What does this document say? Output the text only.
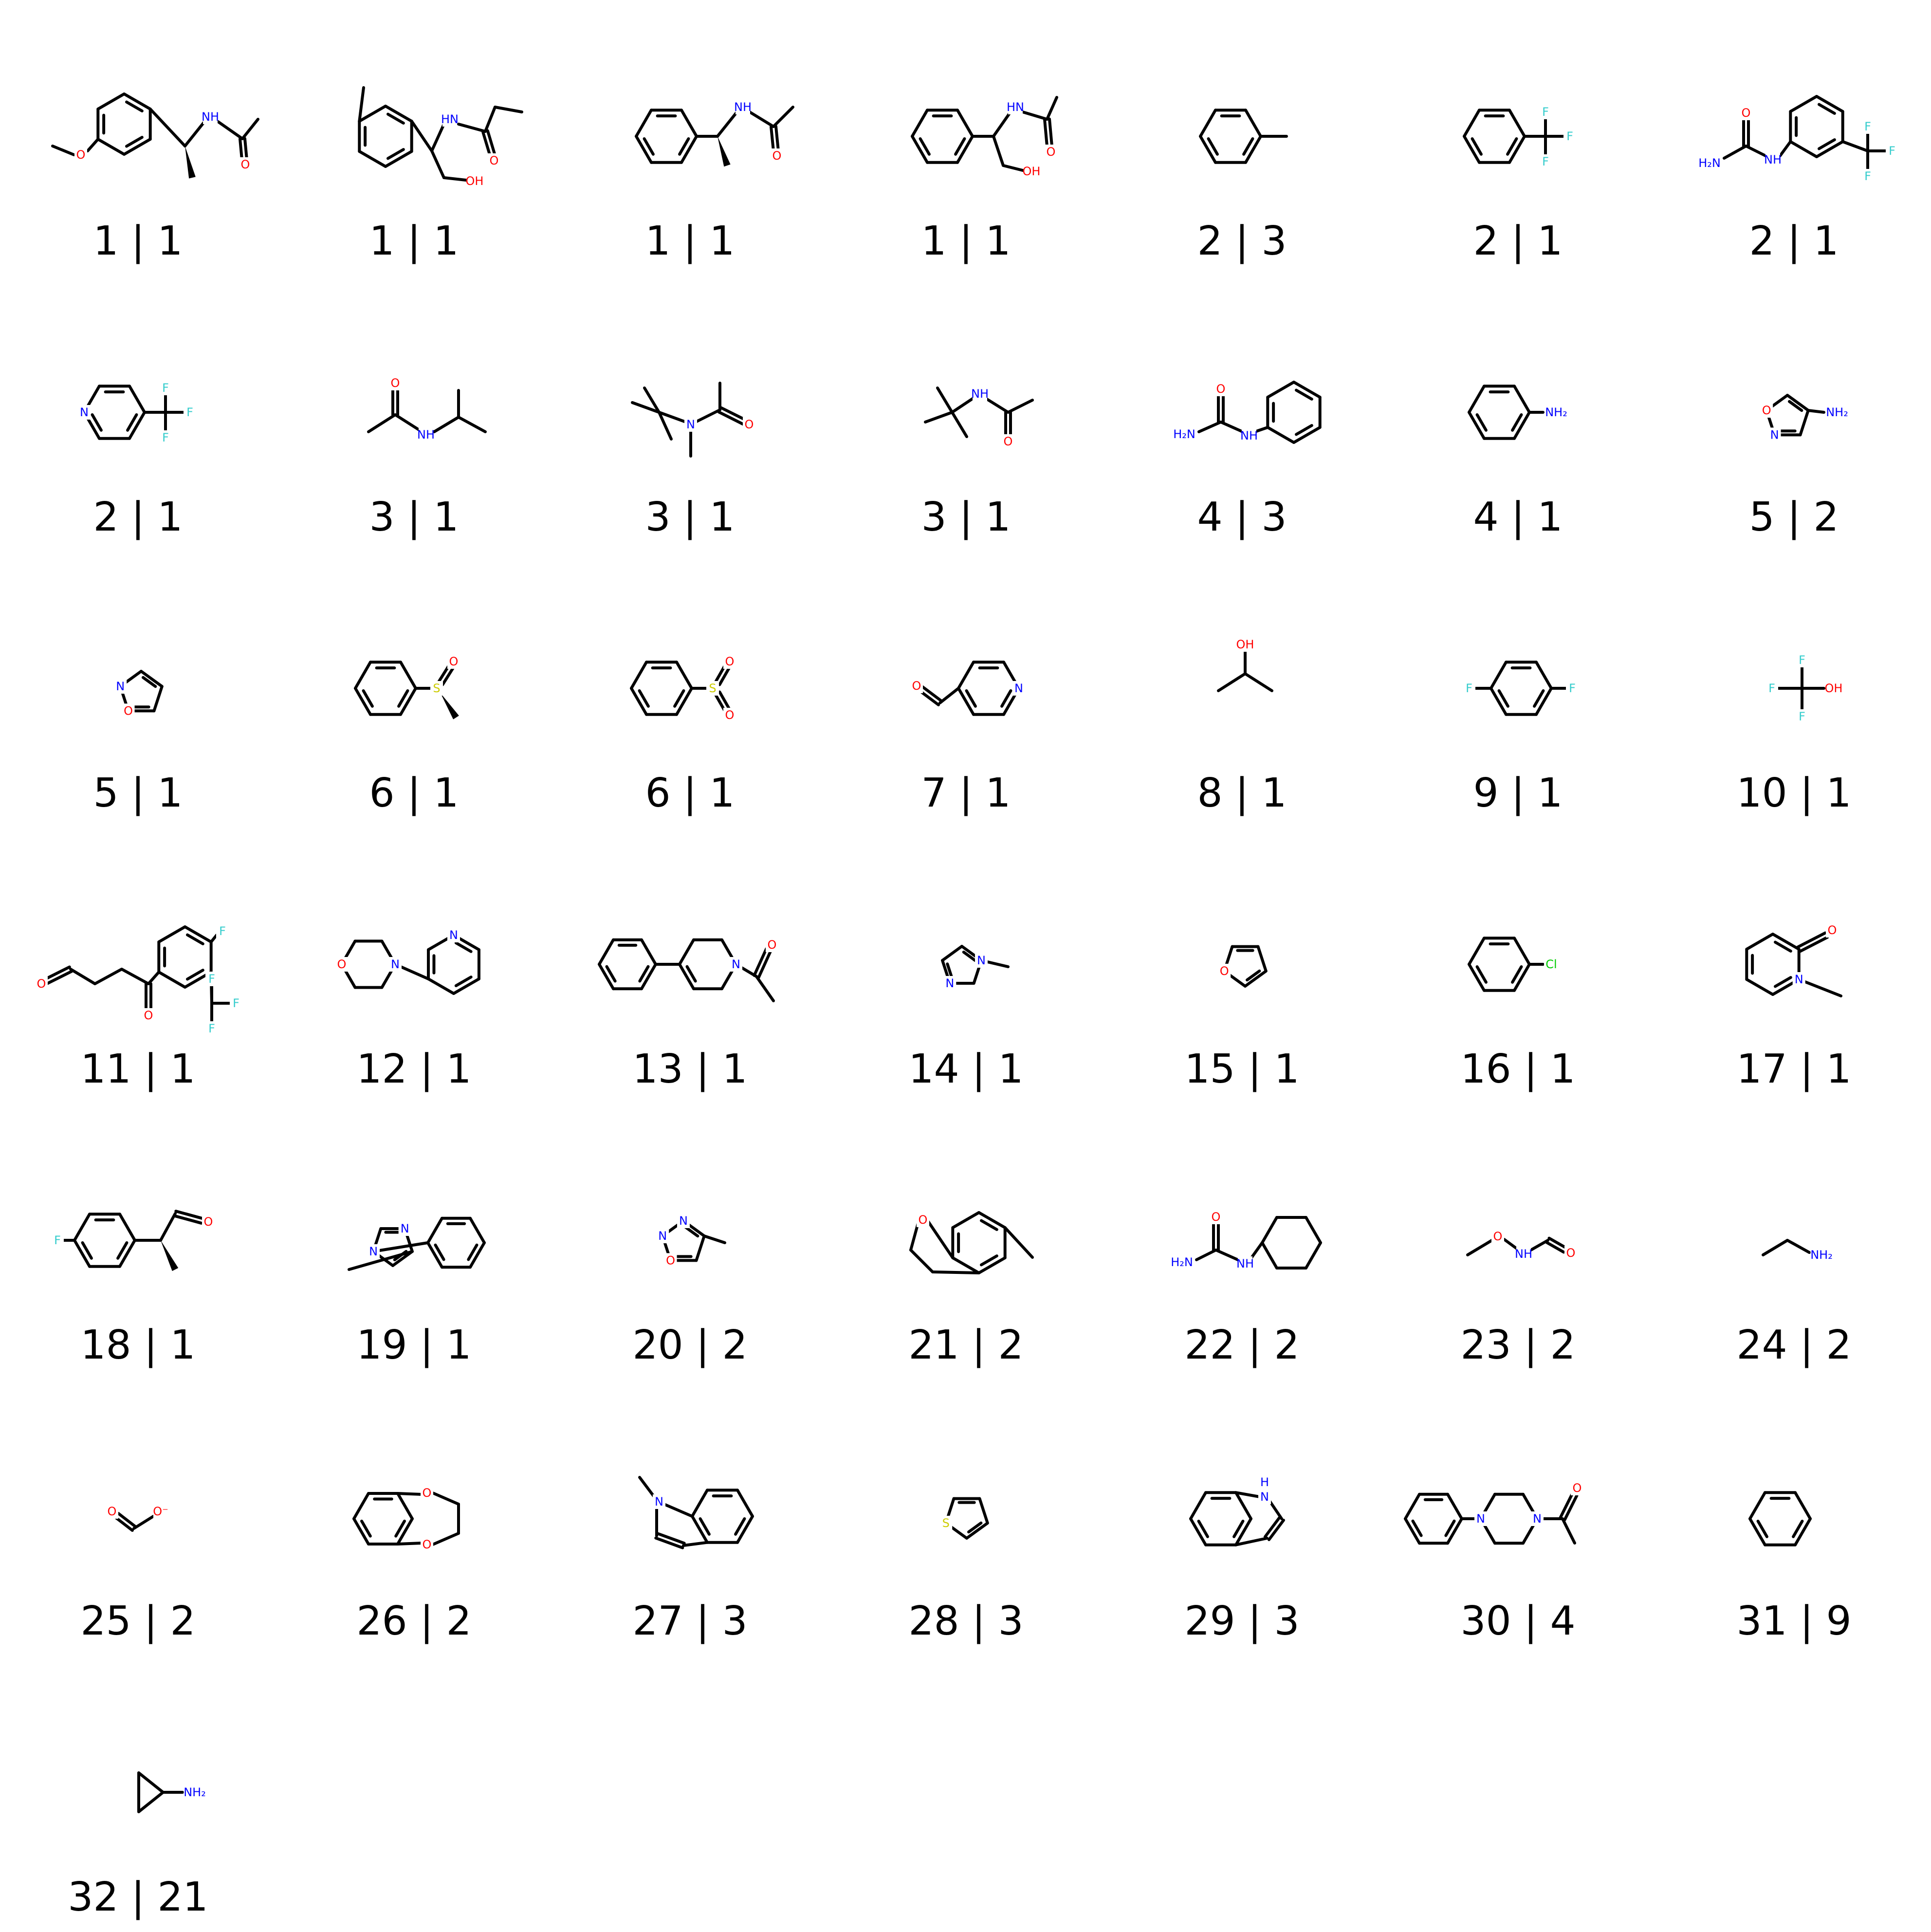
O
NH
O
1 | 1
HN
O
OH
1 | 1
NH
O
1 | 1
OH
HN
O
1 | 1	2 | 3
F
F
F
2 | 1
NH
O
H₂N
F
F
F
2 | 1
N	F
F
F
2 | 1
O
NH
3 | 1
N	O
3 | 1
NH
O
3 | 1
NH
O
H₂N
4 | 3
NH₂
4 | 1
N
O	NH₂
5 | 2
N
O
5 | 1
S
O
6 | 1
S
O
O
6 | 1
N
O
7 | 1
OH
8 | 1
F
F
9 | 1
F
F
F
OH
10 | 1
O
O
F
F
F
F
11 | 1
N
O
N
12 | 1
N
O
13 | 1
N
N
14 | 1
O
15 | 1
Cl
16 | 1
N
O
17 | 1
F
O
18 | 1
N
N
19 | 1
N
N
O
20 | 2
O
21 | 2
NH
O
H₂N
22 | 2
O
NH	O
23 | 2
NH₂
24 | 2
O	O⁻
25 | 2
O
O
26 | 2
N
27 | 3
S
28 | 3
N
H
29 | 3
N	N
O
30 | 4	31 | 9
NH₂
32 | 21
